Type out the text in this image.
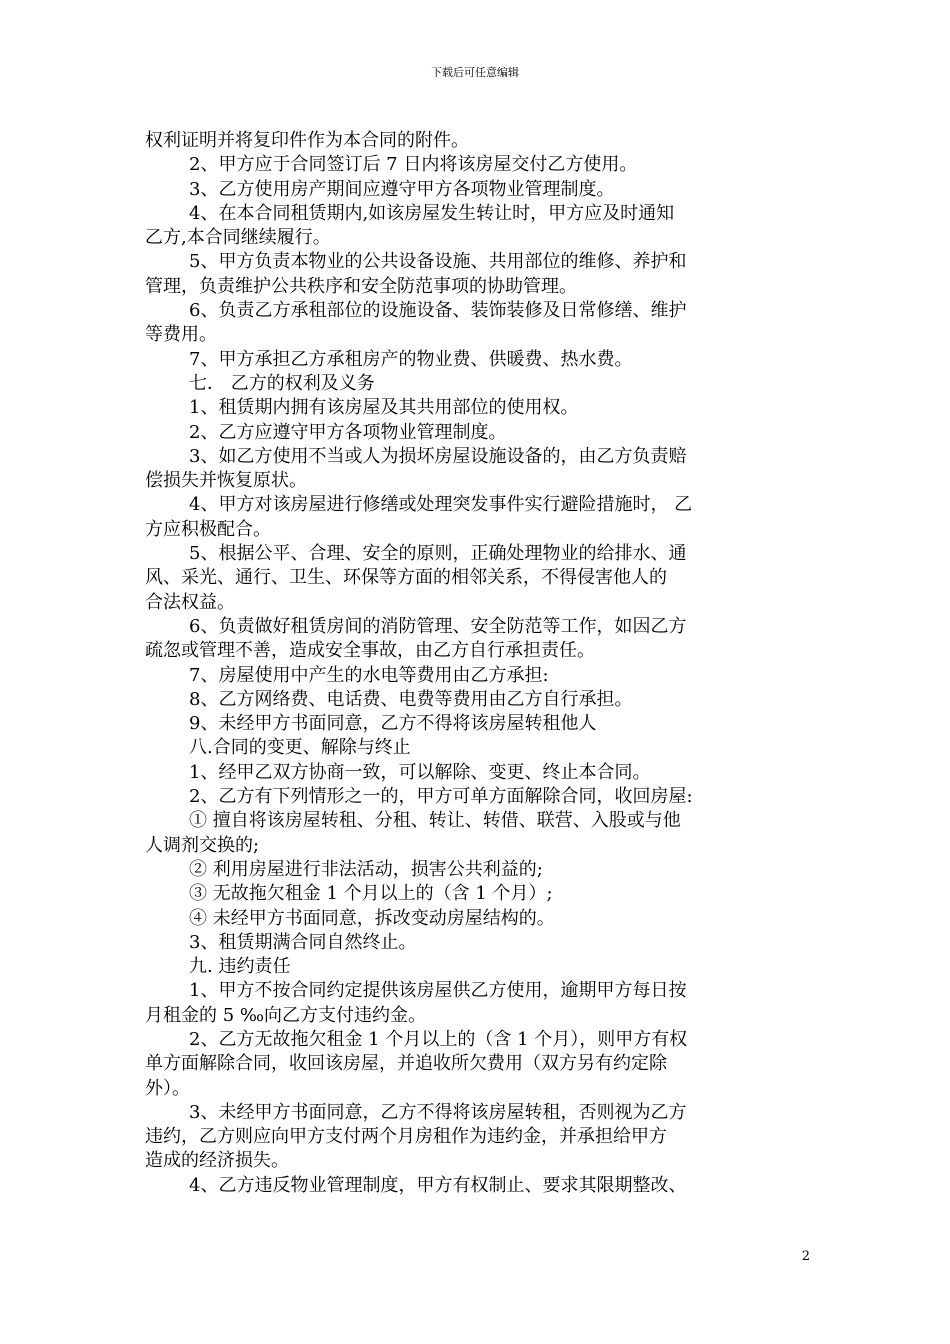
下载后可任意编辑
权利证明并将复印件作为本合同的附件。
2、甲方应于合同签订后 7 日内将该房屋交付乙方使用。
3、乙方使用房产期间应遵守甲方各项物业管理制度。
4、在本合同租赁期内,如该房屋发生转让时，甲方应及时通知
乙方,本合同继续履行。
5、甲方负责本物业的公共设备设施、共用部位的维修、养护和
管理，负责维护公共秩序和安全防范事项的协助管理。
6、负责乙方承租部位的设施设备、装饰装修及日常修缮、维护
等费用。
7、甲方承担乙方承租房产的物业费、供暖费、热水费。
七． 乙方的权利及义务
1、租赁期内拥有该房屋及其共用部位的使用权。
2、乙方应遵守甲方各项物业管理制度。
3、如乙方使用不当或人为损坏房屋设施设备的，由乙方负责赔
偿损失并恢复原状。
4、甲方对该房屋进行修缮或处理突发事件实行避险措施时， 乙
方应积极配合。
5、根据公平、合理、安全的原则，正确处理物业的给排水、通
风、采光、通行、卫生、环保等方面的相邻关系，不得侵害他人的
合法权益。
6、负责做好租赁房间的消防管理、安全防范等工作，如因乙方
疏忽或管理不善，造成安全事故，由乙方自行承担责任。
7、房屋使用中产生的水电等费用由乙方承担:
8、乙方网络费、电话费、电费等费用由乙方自行承担。
9、未经甲方书面同意，乙方不得将该房屋转租他人
八.合同的变更、解除与终止
1、经甲乙双方协商一致，可以解除、变更、终止本合同。
2、乙方有下列情形之一的，甲方可单方面解除合同，收回房屋:
① 擅自将该房屋转租、分租、转让、转借、联营、入股或与他
人调剂交换的;
② 利用房屋进行非法活动，损害公共利益的;
③ 无故拖欠租金 1 个月以上的（含 1 个月）;
④ 未经甲方书面同意，拆改变动房屋结构的。
3、租赁期满合同自然终止。
九. 违约责任
1、甲方不按合同约定提供该房屋供乙方使用，逾期甲方每日按
月租金的 5 ‰向乙方支付违约金。
2、乙方无故拖欠租金 1 个月以上的（含 1 个月），则甲方有权
单方面解除合同，收回该房屋，并追收所欠费用（双方另有约定除
外）。
3、未经甲方书面同意，乙方不得将该房屋转租，否则视为乙方
违约，乙方则应向甲方支付两个月房租作为违约金，并承担给甲方
造成的经济损失。
4、乙方违反物业管理制度，甲方有权制止、要求其限期整改、
2
